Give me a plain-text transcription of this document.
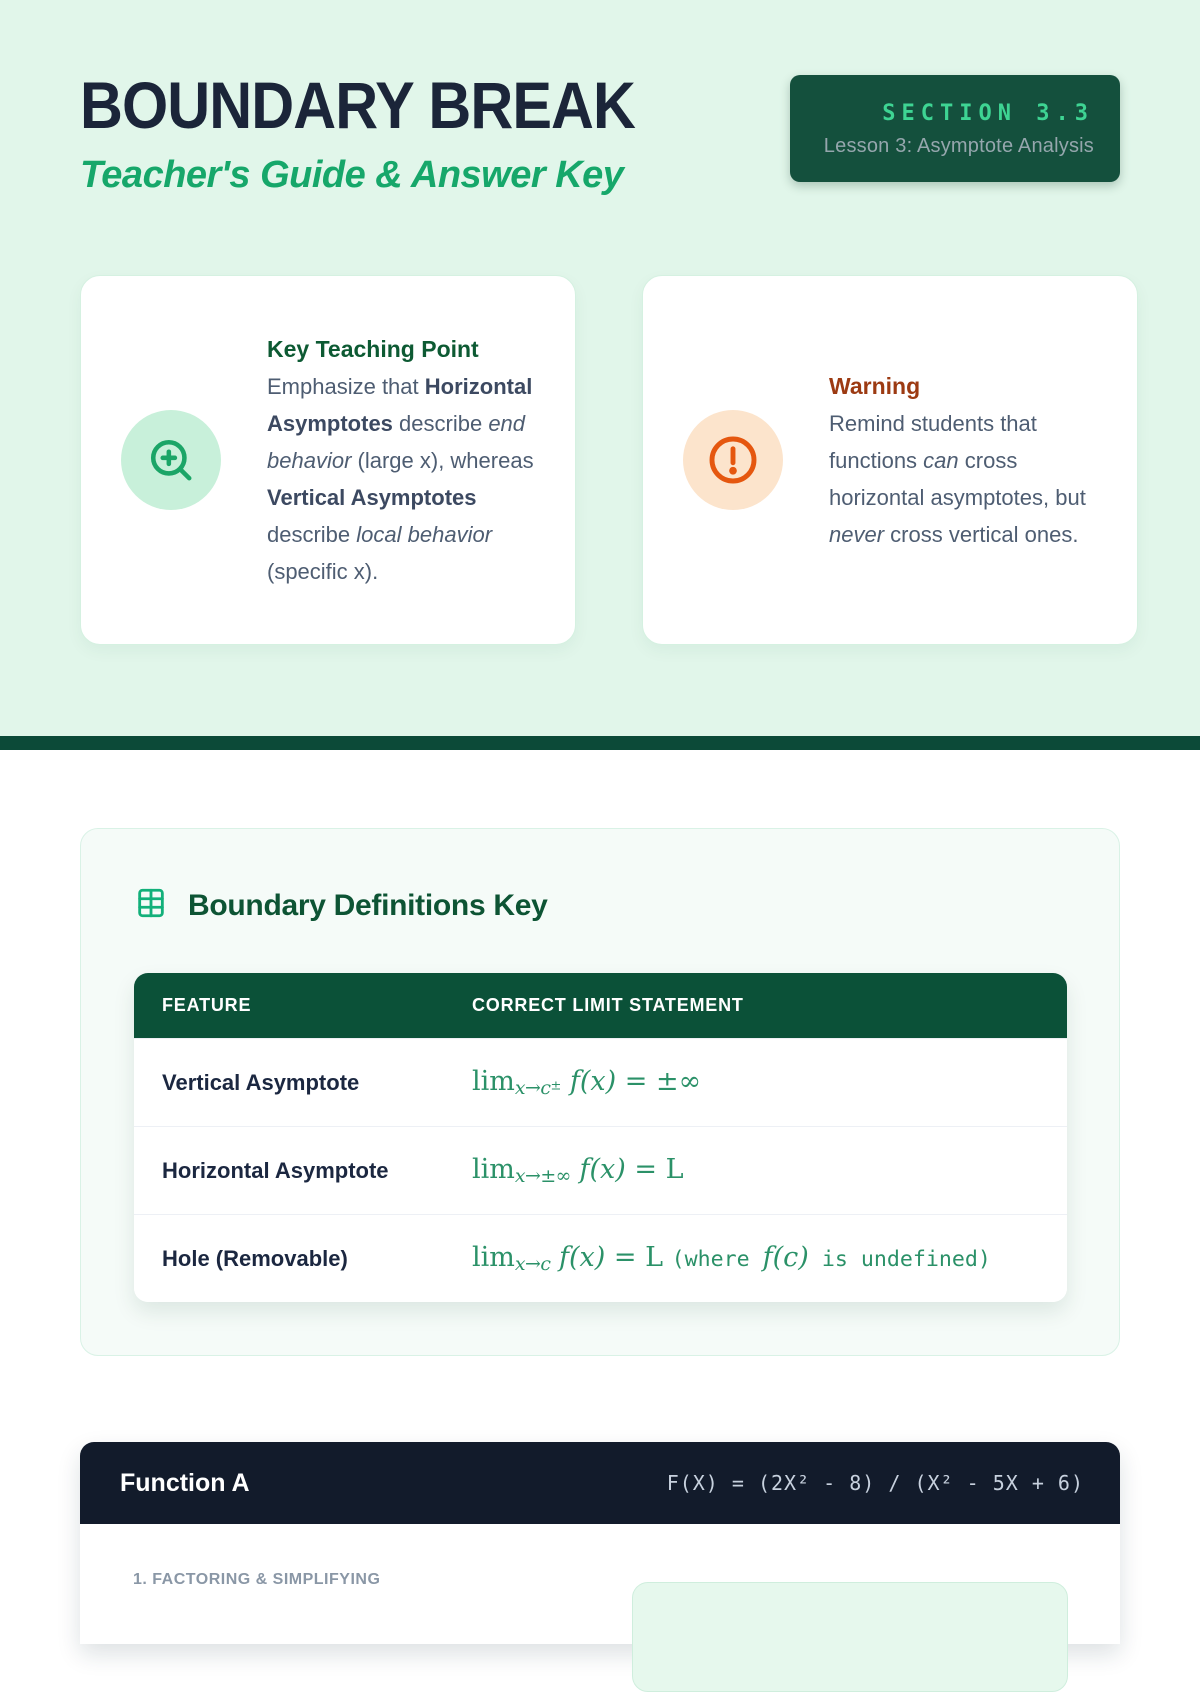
BOUNDARY BREAK
Teacher's Guide & Answer Key
SECTION 3.3
Lesson 3: Asymptote Analysis
Key Teaching Point
Emphasize that Horizontal Asymptotes describe end behavior (large x), whereas Vertical Asymptotes describe local behavior (specific x).
Warning
Remind students that functions can cross horizontal asymptotes, but never cross vertical ones.
Boundary Definitions Key
FEATURE	CORRECT LIMIT STATEMENT
Vertical Asymptote	limx→c± f(x) = ±∞
Horizontal Asymptote	limx→±∞ f(x) = L
Hole (Removable)	limx→c f(x) = L (where f(c) is undefined)
Function A	F(X) = (2X² - 8) / (X² - 5X + 6)
1. FACTORING & SIMPLIFYING
